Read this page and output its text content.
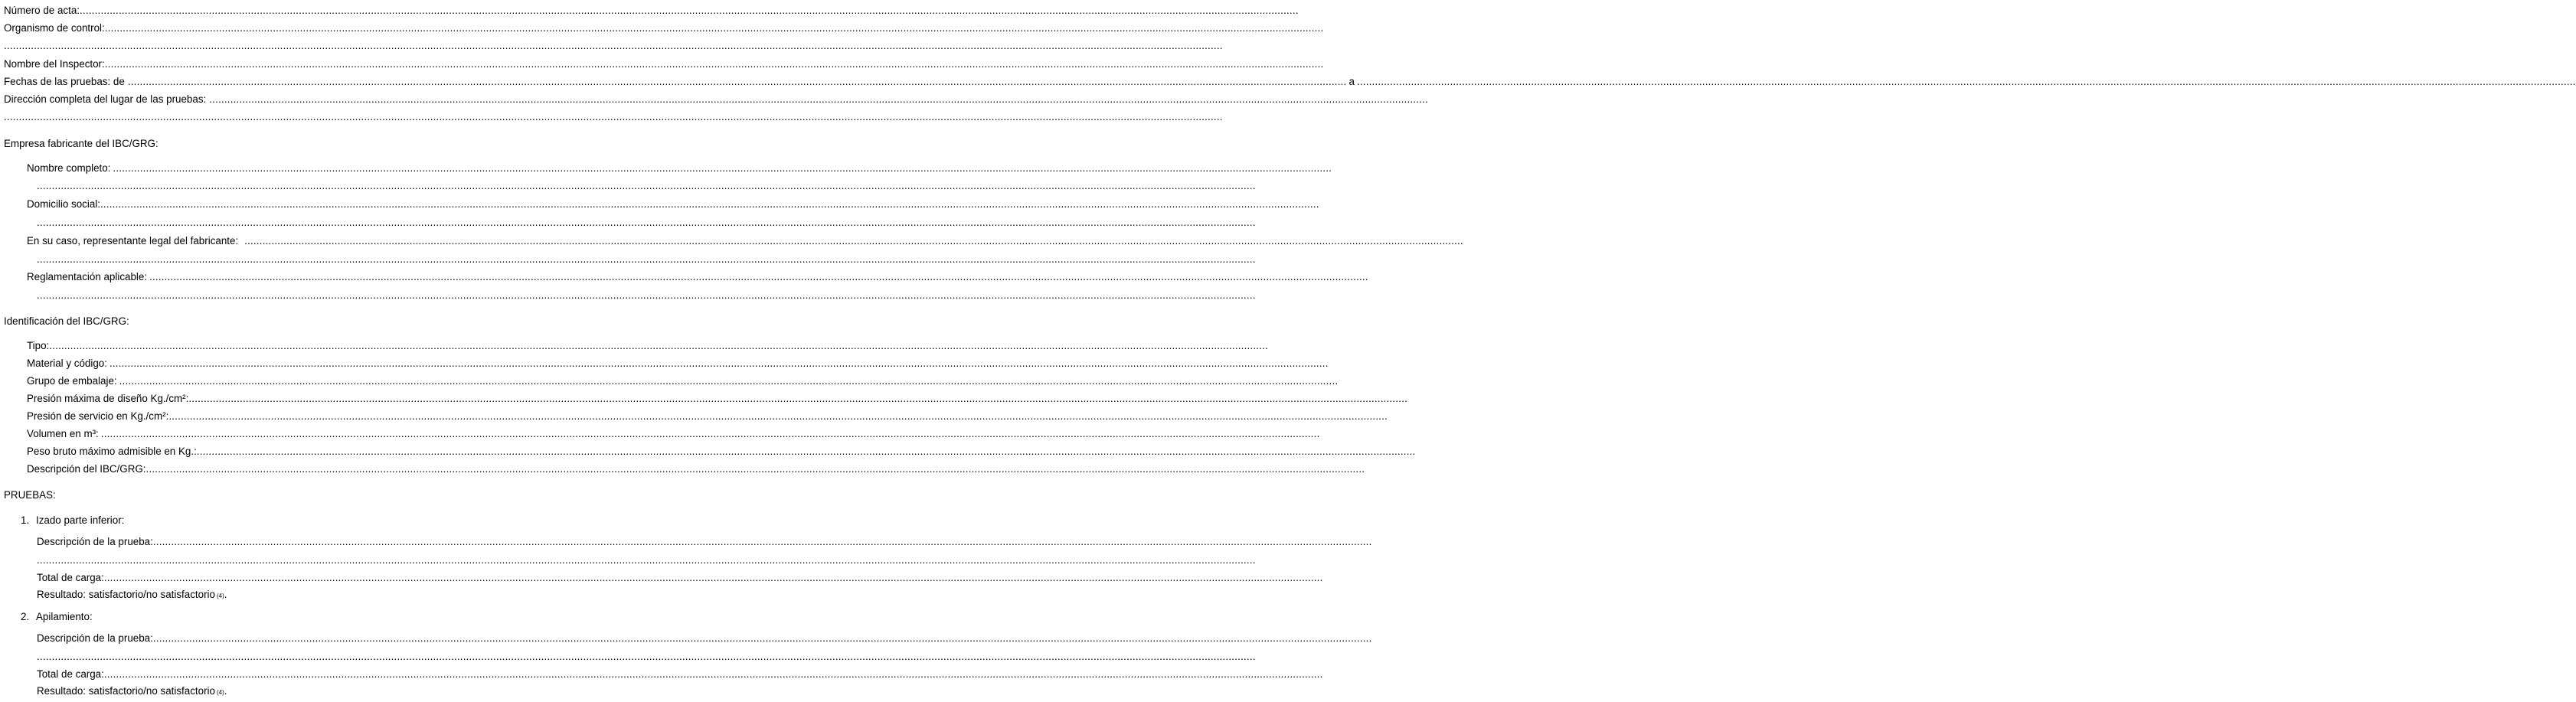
Número de acta: ......................................................................................................................................................................................................................................................................................................................................................................................................................
Organismo de control: ......................................................................................................................................................................................................................................................................................................................................................................................................................
......................................................................................................................................................................................................................................................................................................................................................................................................................
Nombre del Inspector: ......................................................................................................................................................................................................................................................................................................................................................................................................................
Fechas de las pruebas: de ...................................................................................................................................................................................................................................................................................................................................................................................................................... a ......................................................................................................................................................................................................................................................................................................................................................................................................................
Dirección completa del lugar de las pruebas: ......................................................................................................................................................................................................................................................................................................................................................................................................................
......................................................................................................................................................................................................................................................................................................................................................................................................................
Empresa fabricante del IBC/GRG:
Nombre completo: ......................................................................................................................................................................................................................................................................................................................................................................................................................
......................................................................................................................................................................................................................................................................................................................................................................................................................
Domicilio social: ......................................................................................................................................................................................................................................................................................................................................................................................................................
......................................................................................................................................................................................................................................................................................................................................................................................................................
En su caso, representante legal del fabricante: ......................................................................................................................................................................................................................................................................................................................................................................................................................
......................................................................................................................................................................................................................................................................................................................................................................................................................
Reglamentación aplicable: ......................................................................................................................................................................................................................................................................................................................................................................................................................
......................................................................................................................................................................................................................................................................................................................................................................................................................
Identificación del IBC/GRG:
Tipo: ......................................................................................................................................................................................................................................................................................................................................................................................................................
Material y código: ......................................................................................................................................................................................................................................................................................................................................................................................................................
Grupo de embalaje: ......................................................................................................................................................................................................................................................................................................................................................................................................................
Presión máxima de diseño Kg./cm²: ......................................................................................................................................................................................................................................................................................................................................................................................................................
Presión de servicio en Kg./cm²: ......................................................................................................................................................................................................................................................................................................................................................................................................................
Volumen en m³: ......................................................................................................................................................................................................................................................................................................................................................................................................................
Peso bruto máximo admisible en Kg.: ......................................................................................................................................................................................................................................................................................................................................................................................................................
Descripción del IBC/GRG: ......................................................................................................................................................................................................................................................................................................................................................................................................................
PRUEBAS:
1. Izado parte inferior:
Descripción de la prueba: ......................................................................................................................................................................................................................................................................................................................................................................................................................
......................................................................................................................................................................................................................................................................................................................................................................................................................
Total de carga: ......................................................................................................................................................................................................................................................................................................................................................................................................................
Resultado: satisfactorio/no satisfactorio (4) .
2. Apilamiento:
Descripción de la prueba: ......................................................................................................................................................................................................................................................................................................................................................................................................................
......................................................................................................................................................................................................................................................................................................................................................................................................................
Total de carga: ......................................................................................................................................................................................................................................................................................................................................................................................................................
Resultado: satisfactorio/no satisfactorio (4) .
